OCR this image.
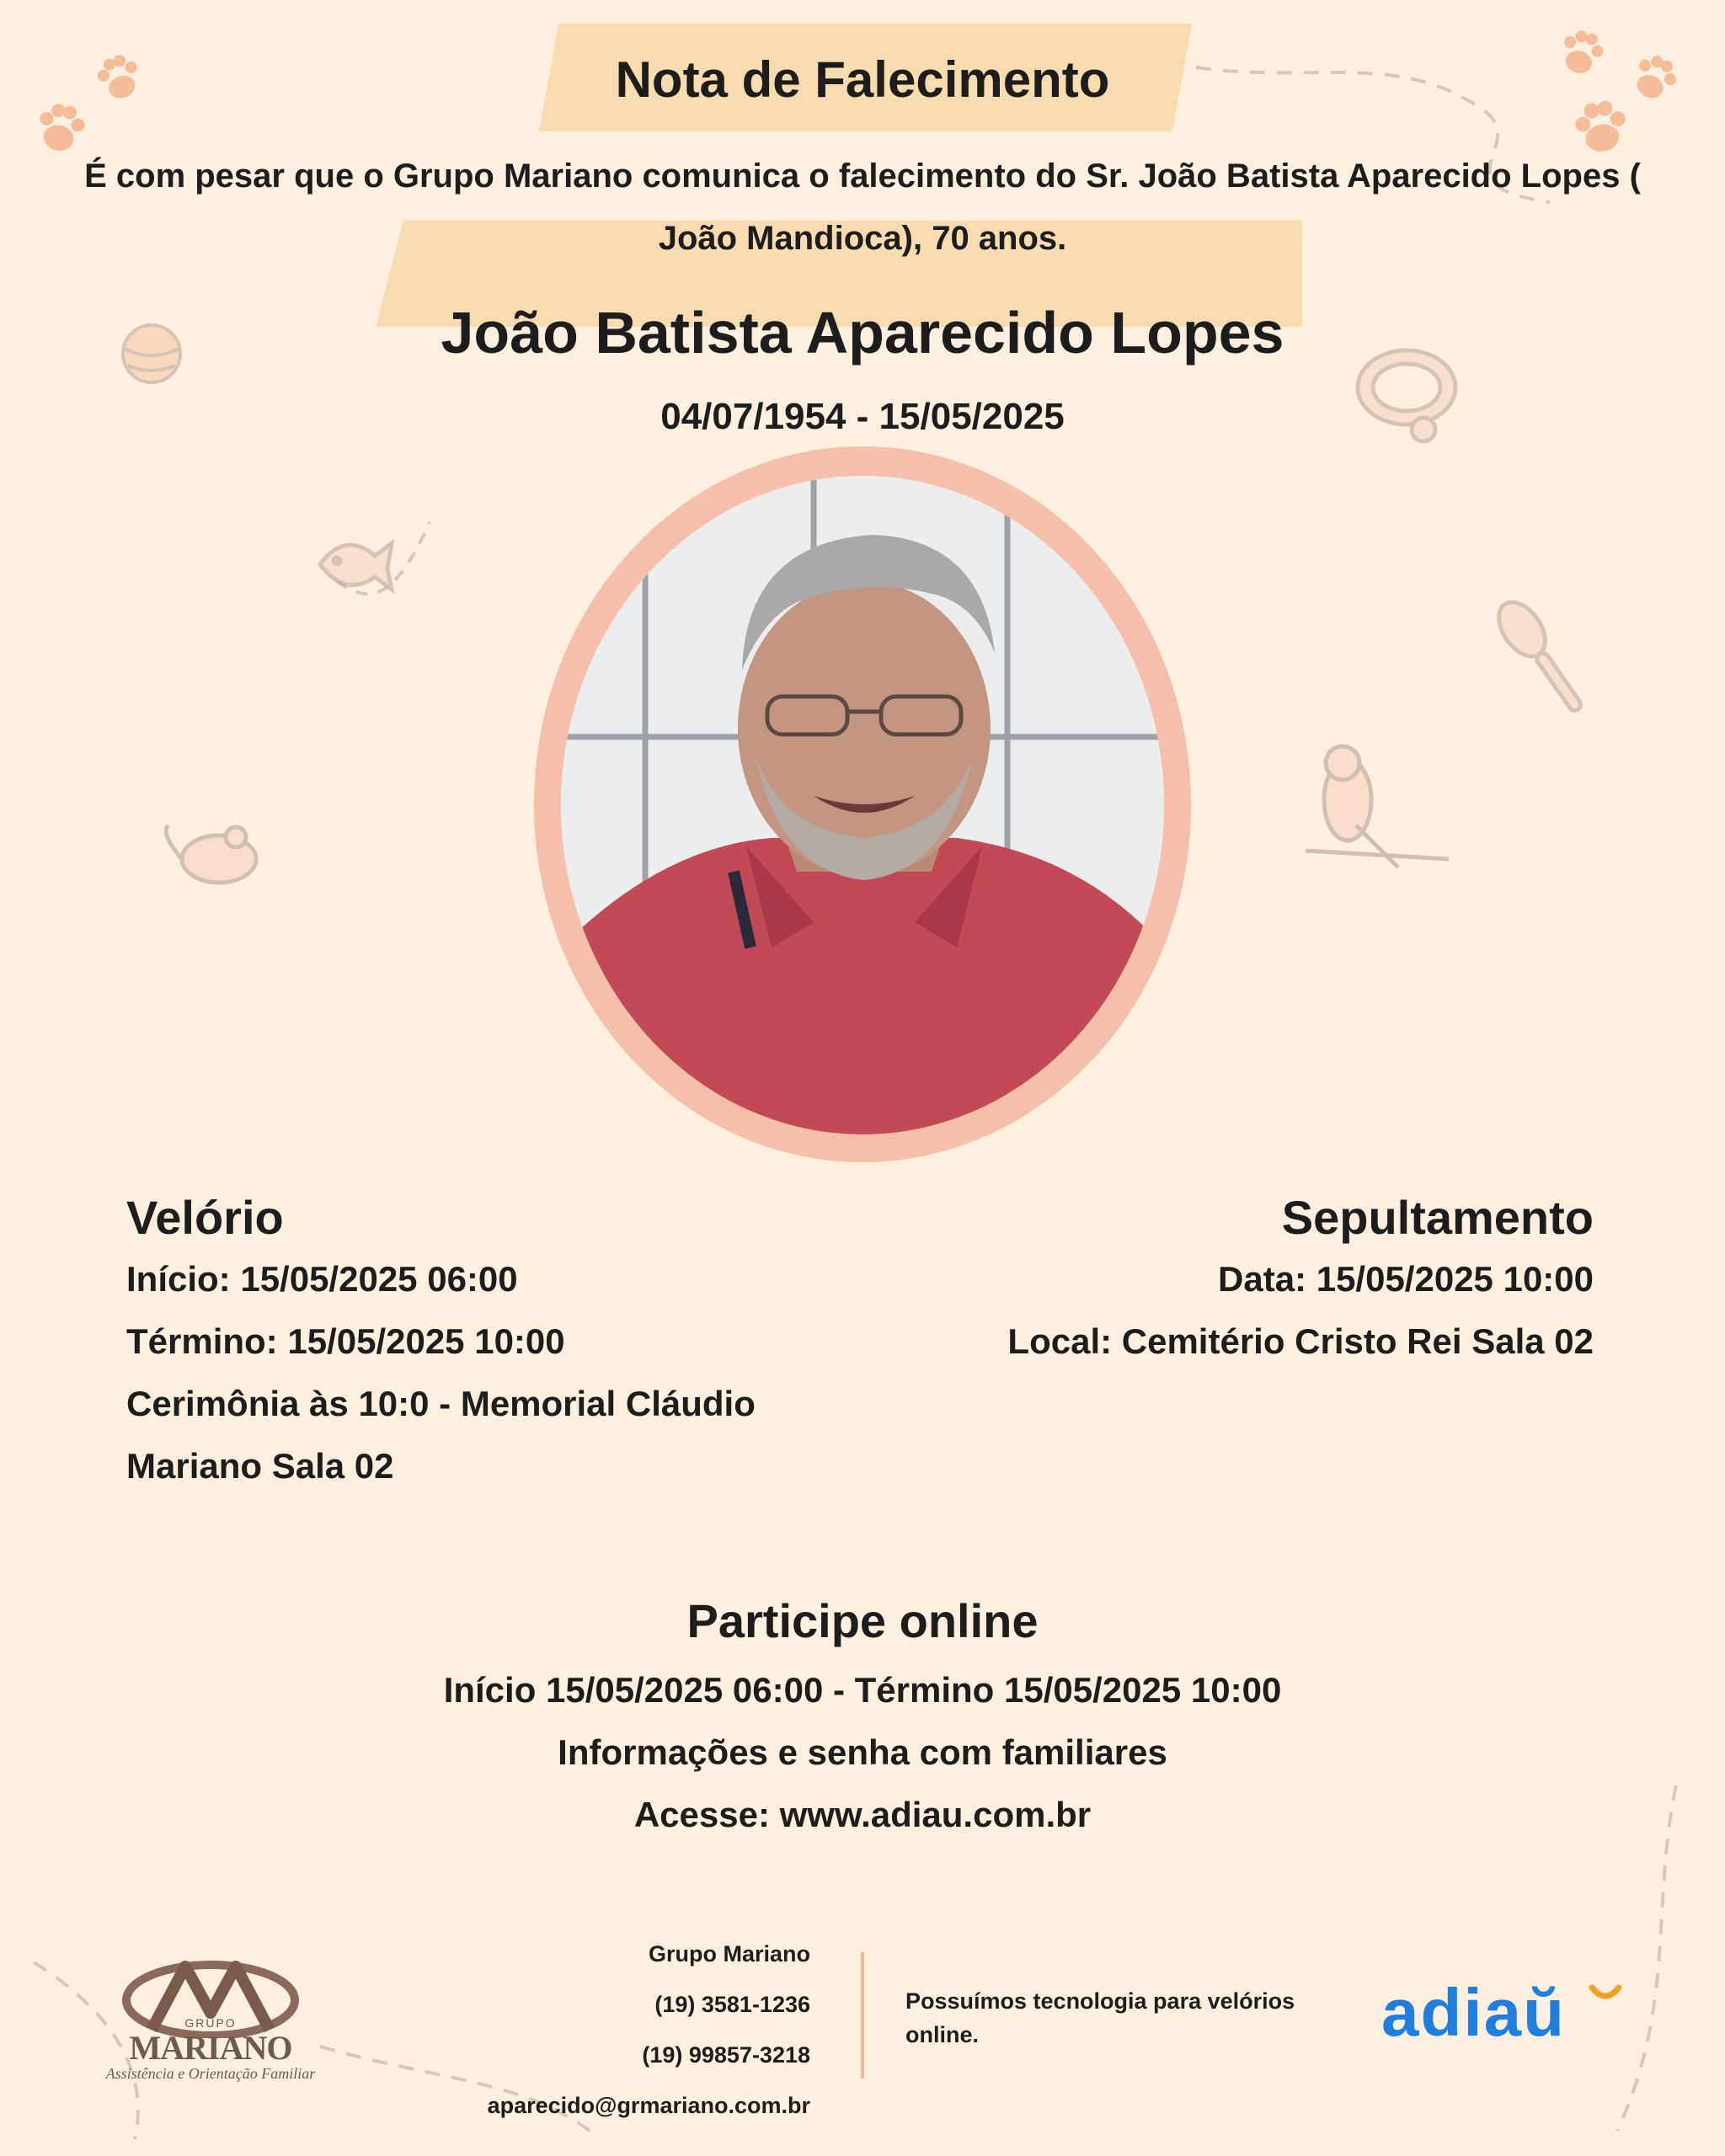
Nota de Falecimento
É com pesar que o Grupo Mariano comunica o falecimento do Sr. João Batista Aparecido Lopes ( João Mandioca), 70 anos.
João Batista Aparecido Lopes
04/07/1954 - 15/05/2025
Velório
Início: 15/05/2025 06:00
Término: 15/05/2025 10:00
Cerimônia às 10:0 - Memorial Cláudio
Mariano Sala 02
Sepultamento
Data: 15/05/2025 10:00
Local: Cemitério Cristo Rei Sala 02
Participe online
Início 15/05/2025 06:00 - Término 15/05/2025 10:00
Informações e senha com familiares
Acesse: www.adiau.com.br
GRUPO
MARIANO
Assistência e Orientação Familiar
Grupo Mariano
(19) 3581-1236
(19) 99857-3218
aparecido@grmariano.com.br
Possuímos tecnologia para velórios online.	adiaŭ
